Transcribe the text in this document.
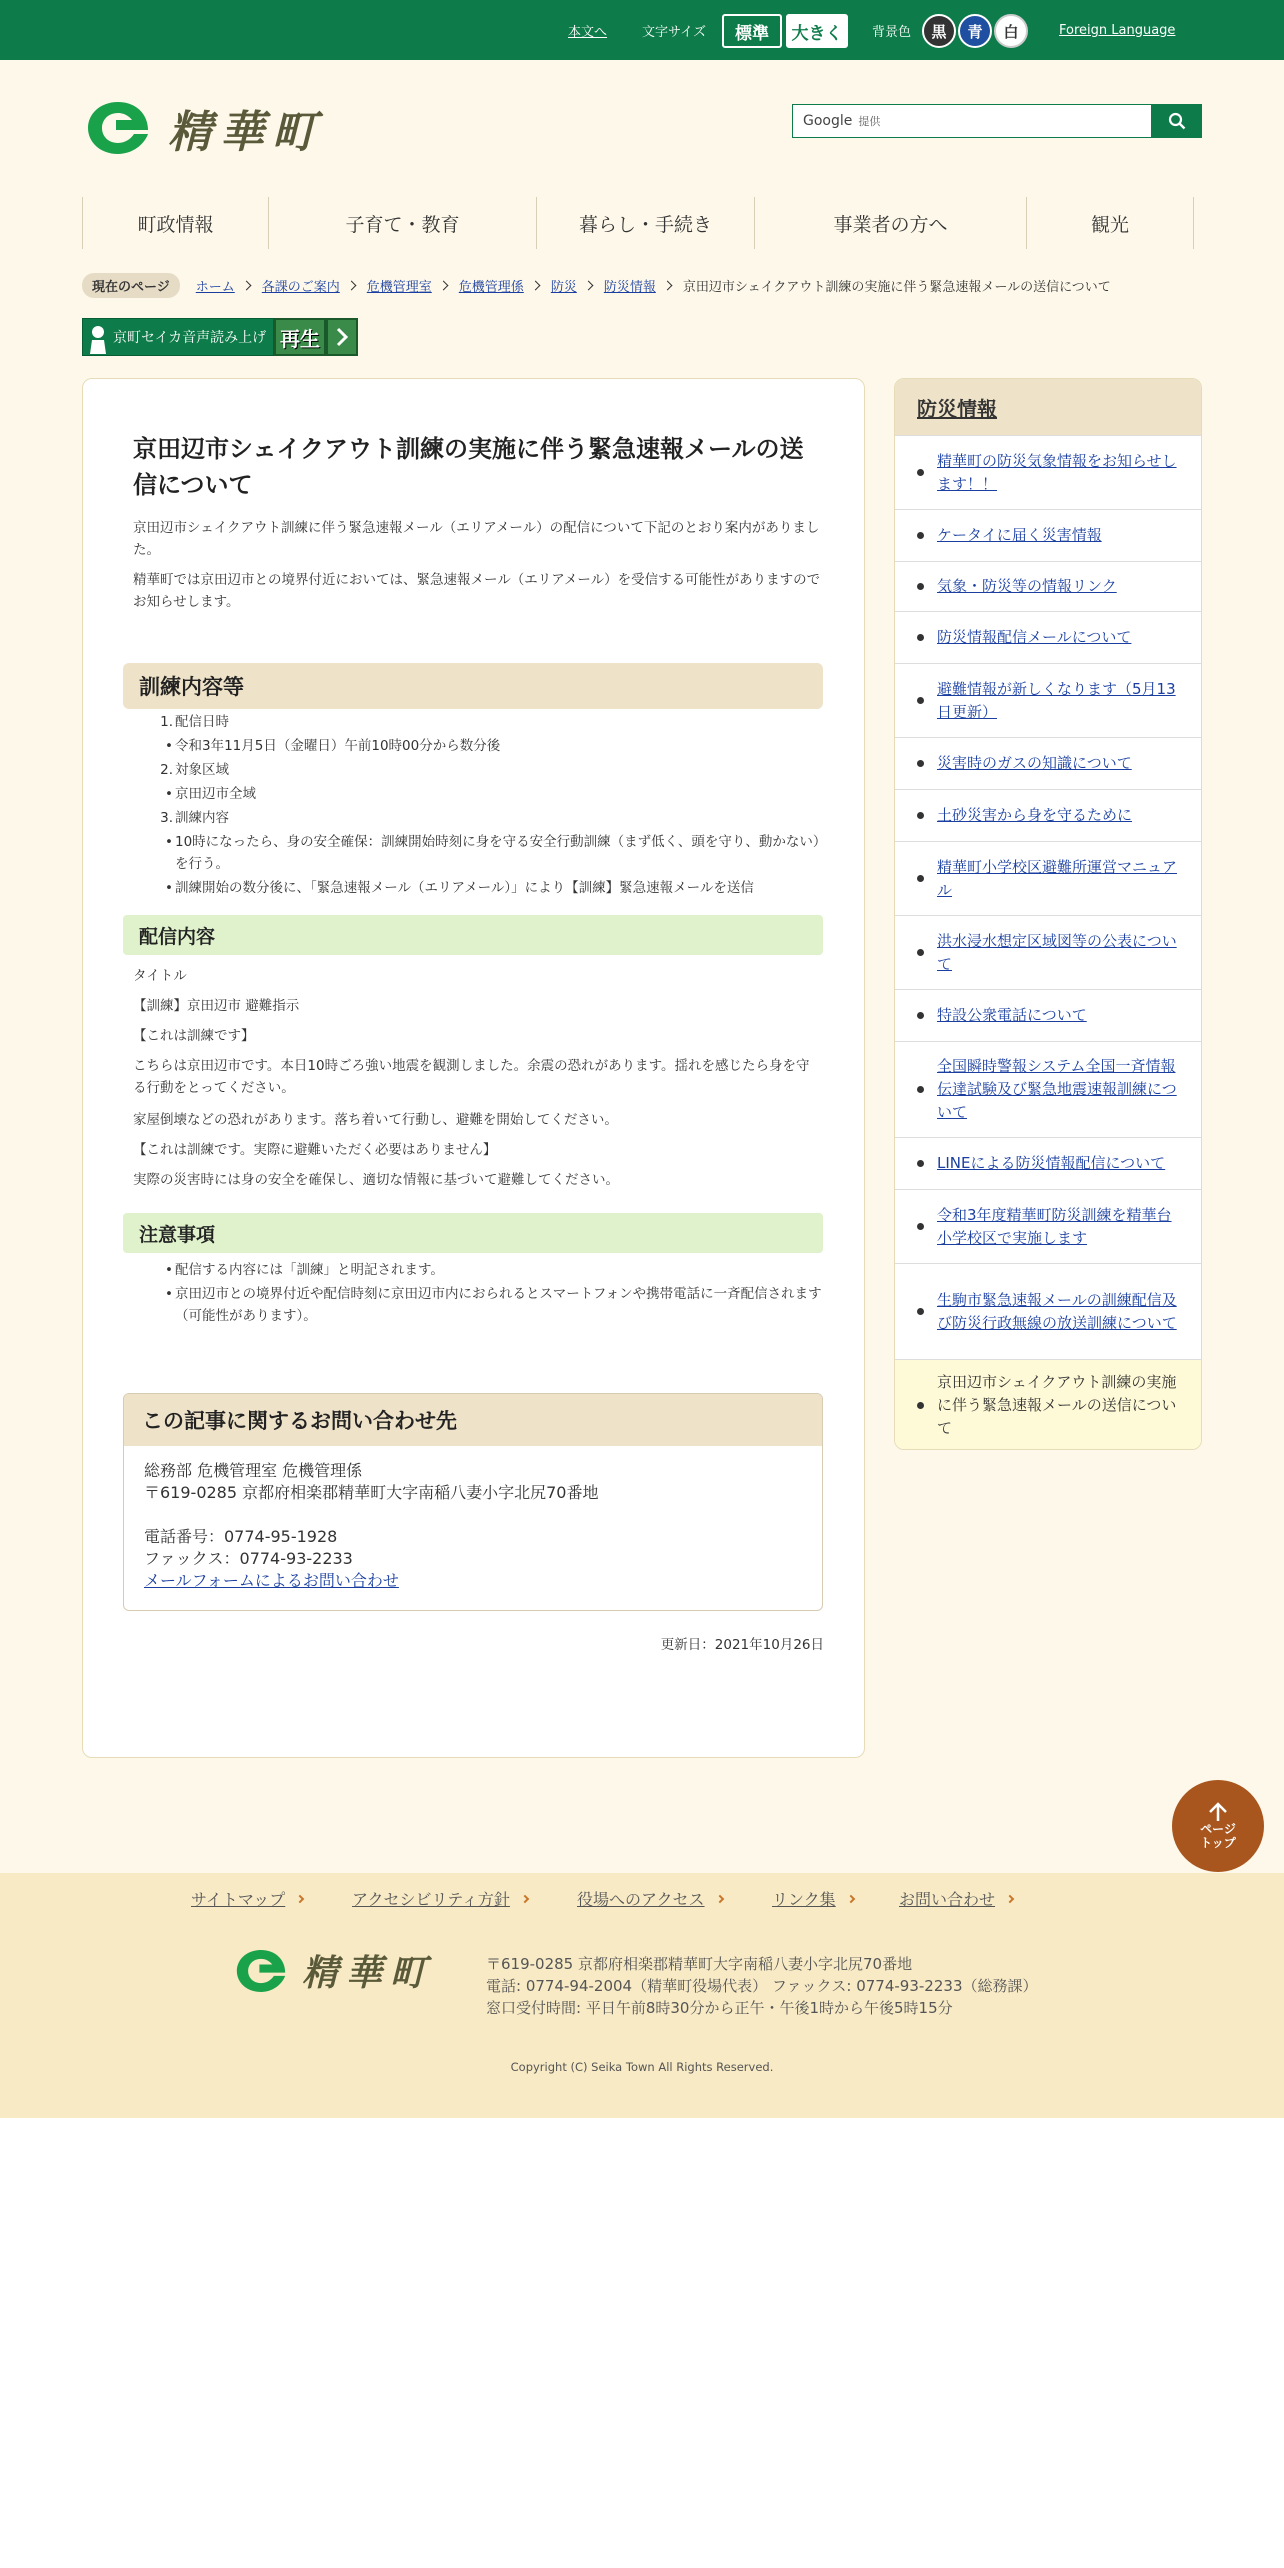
本文へ	文字サイズ	標準	大きく	背景色	黒	青	白	Foreign Language
精華町	Google 提供
町政情報	子育て・教育	暮らし・手続き	事業者の方へ	観光
現在のページ	ホーム 各課のご案内 危機管理室 危機管理係 防災 防災情報 京田辺市シェイクアウト訓練の実施に伴う緊急速報メールの送信について
京町セイカ音声読み上げ 再生
京田辺市シェイクアウト訓練の実施に伴う緊急速報メールの送信について

京田辺市シェイクアウト訓練に伴う緊急速報メール（エリアメール）の配信について下記のとおり案内がありました。

精華町では京田辺市との境界付近においては、緊急速報メール（エリアメール）を受信する可能性がありますのでお知らせします。

訓練内容等
1. 配信日時
• 令和3年11月5日（金曜日）午前10時00分から数分後
2. 対象区域
• 京田辺市全域
3. 訓練内容
• 10時になったら、身の安全確保：訓練開始時刻に身を守る安全行動訓練（まず低く、頭を守り、動かない）を行う。
• 訓練開始の数分後に、「緊急速報メール（エリアメール）」により【訓練】緊急速報メールを送信
配信内容

タイトル

【訓練】京田辺市 避難指示

【これは訓練です】

こちらは京田辺市です。本日10時ごろ強い地震を観測しました。余震の恐れがあります。揺れを感じたら身を守る行動をとってください。

家屋倒壊などの恐れがあります。落ち着いて行動し、避難を開始してください。

【これは訓練です。実際に避難いただく必要はありません】

実際の災害時には身の安全を確保し、適切な情報に基づいて避難してください。

注意事項
• 配信する内容には「訓練」と明記されます。
• 京田辺市との境界付近や配信時刻に京田辺市内におられるとスマートフォンや携帯電話に一斉配信されます（可能性があります）。
この記事に関するお問い合わせ先
総務部 危機管理室 危機管理係
〒619-0285 京都府相楽郡精華町大字南稲八妻小字北尻70番地
電話番号：0774-95-1928
ファックス：0774-93-2233
メールフォームによるお問い合わせ
更新日：2021年10月26日
防災情報
精華町の防災気象情報をお知らせします！！
ケータイに届く災害情報
気象・防災等の情報リンク
防災情報配信メールについて
避難情報が新しくなります（5月13日更新）
災害時のガスの知識について
土砂災害から身を守るために
精華町小学校区避難所運営マニュアル
洪水浸水想定区域図等の公表について
特設公衆電話について
全国瞬時警報システム全国一斉情報伝達試験及び緊急地震速報訓練について
LINEによる防災情報配信について
令和3年度精華町防災訓練を精華台小学校区で実施します
生駒市緊急速報メールの訓練配信及び防災行政無線の放送訓練について
京田辺市シェイクアウト訓練の実施に伴う緊急速報メールの送信について
ページ
トップ
サイトマップ	アクセシビリティ方針	役場へのアクセス	リンク集	お問い合わせ
精華町	〒619-0285 京都府相楽郡精華町大字南稲八妻小字北尻70番地
電話: 0774-94-2004（精華町役場代表） ファックス: 0774-93-2233（総務課）
窓口受付時間: 平日午前8時30分から正午・午後1時から午後5時15分
Copyright (C) Seika Town All Rights Reserved.
